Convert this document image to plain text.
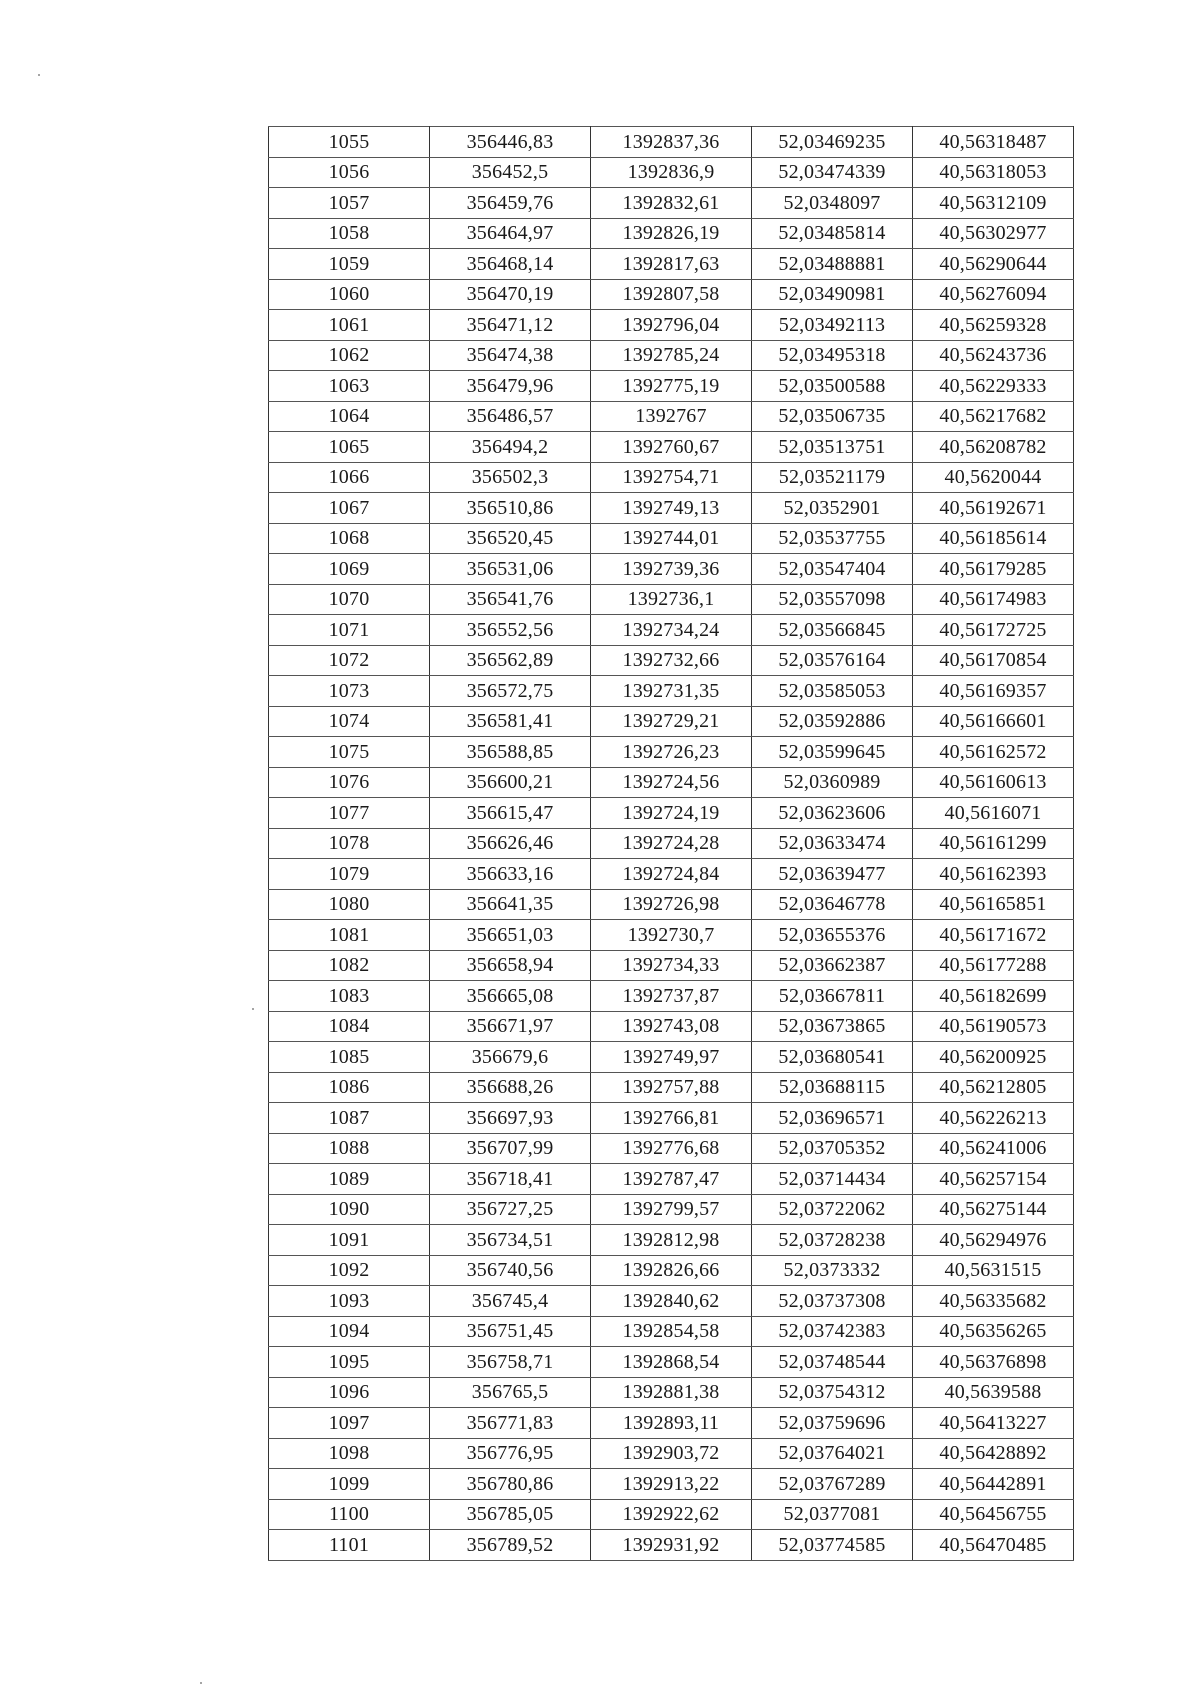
1055	356446,83	1392837,36	52,03469235	40,56318487
1056	356452,5	1392836,9	52,03474339	40,56318053
1057	356459,76	1392832,61	52,0348097	40,56312109
1058	356464,97	1392826,19	52,03485814	40,56302977
1059	356468,14	1392817,63	52,03488881	40,56290644
1060	356470,19	1392807,58	52,03490981	40,56276094
1061	356471,12	1392796,04	52,03492113	40,56259328
1062	356474,38	1392785,24	52,03495318	40,56243736
1063	356479,96	1392775,19	52,03500588	40,56229333
1064	356486,57	1392767	52,03506735	40,56217682
1065	356494,2	1392760,67	52,03513751	40,56208782
1066	356502,3	1392754,71	52,03521179	40,5620044
1067	356510,86	1392749,13	52,0352901	40,56192671
1068	356520,45	1392744,01	52,03537755	40,56185614
1069	356531,06	1392739,36	52,03547404	40,56179285
1070	356541,76	1392736,1	52,03557098	40,56174983
1071	356552,56	1392734,24	52,03566845	40,56172725
1072	356562,89	1392732,66	52,03576164	40,56170854
1073	356572,75	1392731,35	52,03585053	40,56169357
1074	356581,41	1392729,21	52,03592886	40,56166601
1075	356588,85	1392726,23	52,03599645	40,56162572
1076	356600,21	1392724,56	52,0360989	40,56160613
1077	356615,47	1392724,19	52,03623606	40,5616071
1078	356626,46	1392724,28	52,03633474	40,56161299
1079	356633,16	1392724,84	52,03639477	40,56162393
1080	356641,35	1392726,98	52,03646778	40,56165851
1081	356651,03	1392730,7	52,03655376	40,56171672
1082	356658,94	1392734,33	52,03662387	40,56177288
1083	356665,08	1392737,87	52,03667811	40,56182699
1084	356671,97	1392743,08	52,03673865	40,56190573
1085	356679,6	1392749,97	52,03680541	40,56200925
1086	356688,26	1392757,88	52,03688115	40,56212805
1087	356697,93	1392766,81	52,03696571	40,56226213
1088	356707,99	1392776,68	52,03705352	40,56241006
1089	356718,41	1392787,47	52,03714434	40,56257154
1090	356727,25	1392799,57	52,03722062	40,56275144
1091	356734,51	1392812,98	52,03728238	40,56294976
1092	356740,56	1392826,66	52,0373332	40,5631515
1093	356745,4	1392840,62	52,03737308	40,56335682
1094	356751,45	1392854,58	52,03742383	40,56356265
1095	356758,71	1392868,54	52,03748544	40,56376898
1096	356765,5	1392881,38	52,03754312	40,5639588
1097	356771,83	1392893,11	52,03759696	40,56413227
1098	356776,95	1392903,72	52,03764021	40,56428892
1099	356780,86	1392913,22	52,03767289	40,56442891
1100	356785,05	1392922,62	52,0377081	40,56456755
1101	356789,52	1392931,92	52,03774585	40,56470485
